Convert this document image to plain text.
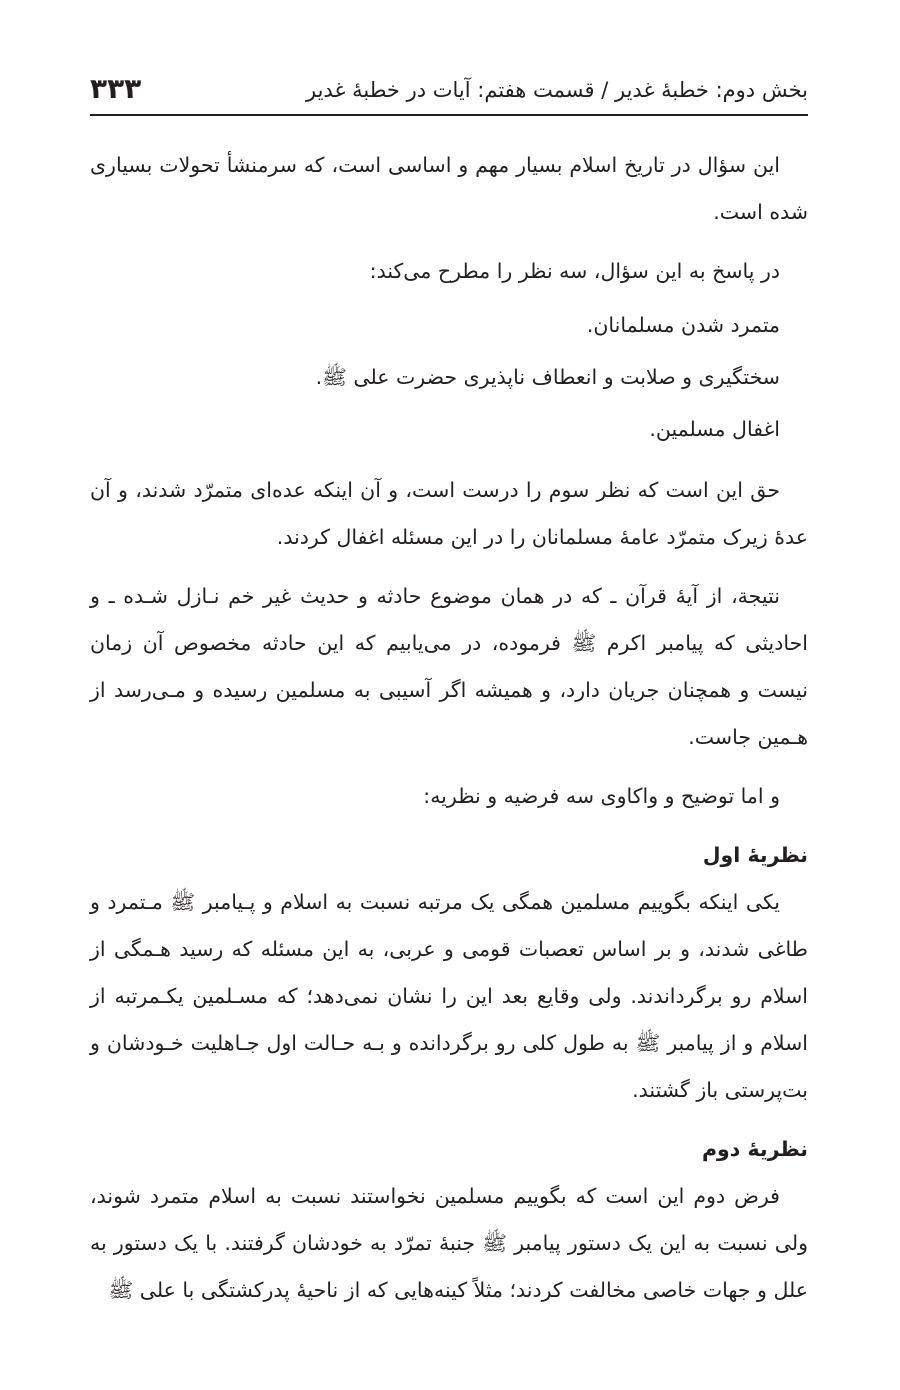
بخش دوم: خطبۀ غدیر / قسمت هفتم: آیات در خطبۀ غدیر
۳۳۳

این سؤال در تاریخ اسلام بسیار مهم و اساسی است، که سرمنشأ تحولات بسیاری شده است.

در پاسخ به این سؤال، سه نظر را مطرح می‌کند:
متمرد شدن مسلمانان.
سختگیری و صلابت و انعطاف ناپذیری حضرت علی ﷺ.
اغفال مسلمین.

حق این است که نظر سوم را درست است، و آن اینکه عده‌ای متمرّد شدند، و آن عدۀ زیرک متمرّد عامۀ مسلمانان را در این مسئله اغفال کردند.

نتیجة، از آیۀ قرآن ـ که در همان موضوع حادثه و حدیث غیر خم نـازل شـده ـ و احادیثی که پیامبر اکرم ﷺ فرموده، در می‌یابیم که این حادثه مخصوص آن زمان نیست و همچنان جریان دارد، و همیشه اگر آسیبی به مسلمین رسیده و مـی‌رسد از هـمین جاست.

و اما توضیح و واکاوی سه فرضیه و نظریه:
نظریۀ اول

یکی اینکه بگوییم مسلمین همگی یک مرتبه نسبت به اسلام و پـیامبر ﷺ مـتمرد و طاغی شدند، و بر اساس تعصبات قومی و عربی، به این مسئله که رسید هـمگی از اسلام رو برگرداندند. ولی وقایع بعد این را نشان نمی‌دهد؛ که مسـلمین یکـمرتبه از اسلام و از پیامبر ﷺ به طول کلی رو برگردانده و بـه حـالت اول جـاهلیت خـودشان و بت‌پرستی باز گشتند.

نظریۀ دوم

فرض دوم این است که بگوییم مسلمین نخواستند نسبت به اسلام متمرد شوند، ولی نسبت به این یک دستور پیامبر ﷺ جنبۀ تمرّد به خودشان گرفتند. با یک دستور به علل و جهات خاصی مخالفت کردند؛ مثلاً کینه‌هایی که از ناحیۀ پدرکشتگی با علی ﷺ
